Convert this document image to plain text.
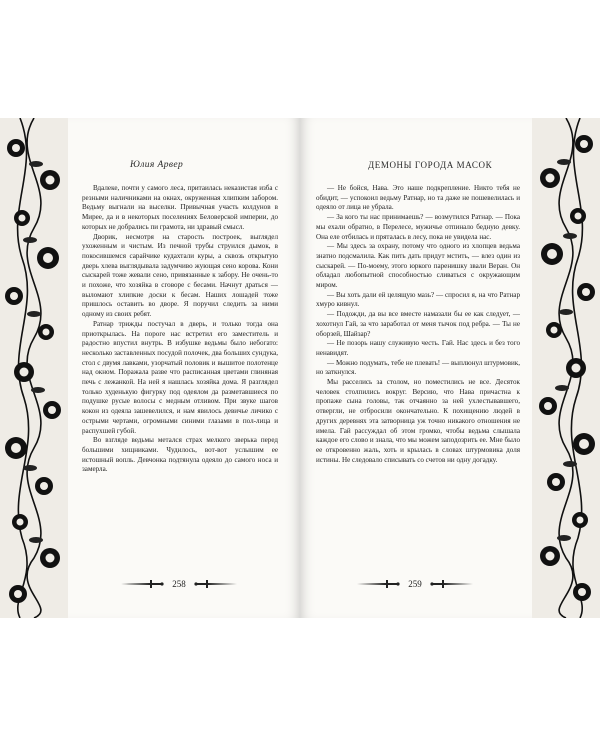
Юлия Арвер

Вдалеке, почти у самого леса, притаилась неказистая изба с резными наличниками на окнах, окруженная хлипким забором. Ведьму выгнали на выселки. Привычная участь колдунов в Мирее, да и в некоторых поселениях Беловерской империи, до которых не добрались пи грамота, ни здравый смысл.

Дворик, несмотря на старость построек, выглядел ухоженным и чистым. Из печной трубы струился дымок, в покосившемся сарайчике кудахтали куры, а сквозь открытую дверь хлева выглядывала задумчиво жующая сено корова. Кони сыскарей тоже жевали сено, привязанные к забору. Не очень-то и похоже, что хозяйка в сговоре с бесами. Начнут драться — выломают хлипкие доски к бесам. Наших лошадей тоже пришлось оставить во дворе. Я поручил следить за ними одному из своих ребят.

Ратнар трижды постучал в дверь, и только тогда она приоткрылась. На пороге нас встретил его заместитель и радостно впустил внутрь. В избушке ведьмы было небогато: несколько заставленных посудой полочек, два больших сундука, стол с двумя лавками, узорчатый половик и вышитое полотенце над окном. Поражала разве что расписанная цветами глиняная печь с лежанкой. На ней я нашлась хозяйка дома. Я разглядел только худенькую фигурку под одеялом да разметавшиеся по подушке русые волосы с медным отливом. При звуке шагов кокон из одеяла зашевелился, и нам явилось девичье личико с острыми чертами, огромными синими глазами в пол-лица и распухшей губой.

Во взгляде ведьмы метался страх мелкого зверька перед большими хищниками. Чудилось, вот-вот услышим ее истошный вопль. Девчонка подтянула одеяло до самого носа и замерла.

258
ДЕМОНЫ ГОРОДА МАСОК

— Не бойся, Нава. Это наше подкрепление. Никто тебя не обидит, — успокоил ведьму Ратнар, но та даже не пошевелилась и одеяло от лица не убрала.

— За кого ты нас принимаешь? — возмутился Ратнар. — Пока мы ехали обратно, в Перелесе, мужичье отпинало бедную девку. Она еле отбилась и пряталась в лесу, пока не увидела нас.

— Мы здесь за охрану, потому что одного из хлопцев ведьма знатно подсмалила. Как пить дать придут мстить, — влез один из сыскарей. — По-моему, этого юркого паренишку звали Веран. Он обладал любопытной способностью сливаться с окружающим миром.

— Вы хоть дали ей целящую мазь? — спросил я, на что Ратнар хмуро кивнул.

— Подожди, да вы все вместе намазали бы ее как следует, — хохотнул Гай, за что заработал от меня тычок под ребра. — Ты не оборзей, Шайзар?

— Не позорь нашу служивую честь. Гай. Нас здесь и без того ненавидят.

— Можно подумать, тебе не плевать! — выплюнул штурмовик, но заткнулся.

Мы расселись за столом, но поместились не все. Десяток человек столпились вокруг. Версию, что Нава причастна к пропаже сына головы, так отчаянно за ней ухлестывавшего, отвергли, не отбросили окончательно. К похищению людей в других деревнях эта затворница уж точно никакого отношения не имела. Гай рассуждал об этом громко, чтобы ведьма слышала каждое его слово и знала, что мы можем заподозрить ее. Мне было ее откровенно жаль, хоть и крылась в словах штурмовика доля истины. Не следовало списывать со счетов ни одну догадку.

259
